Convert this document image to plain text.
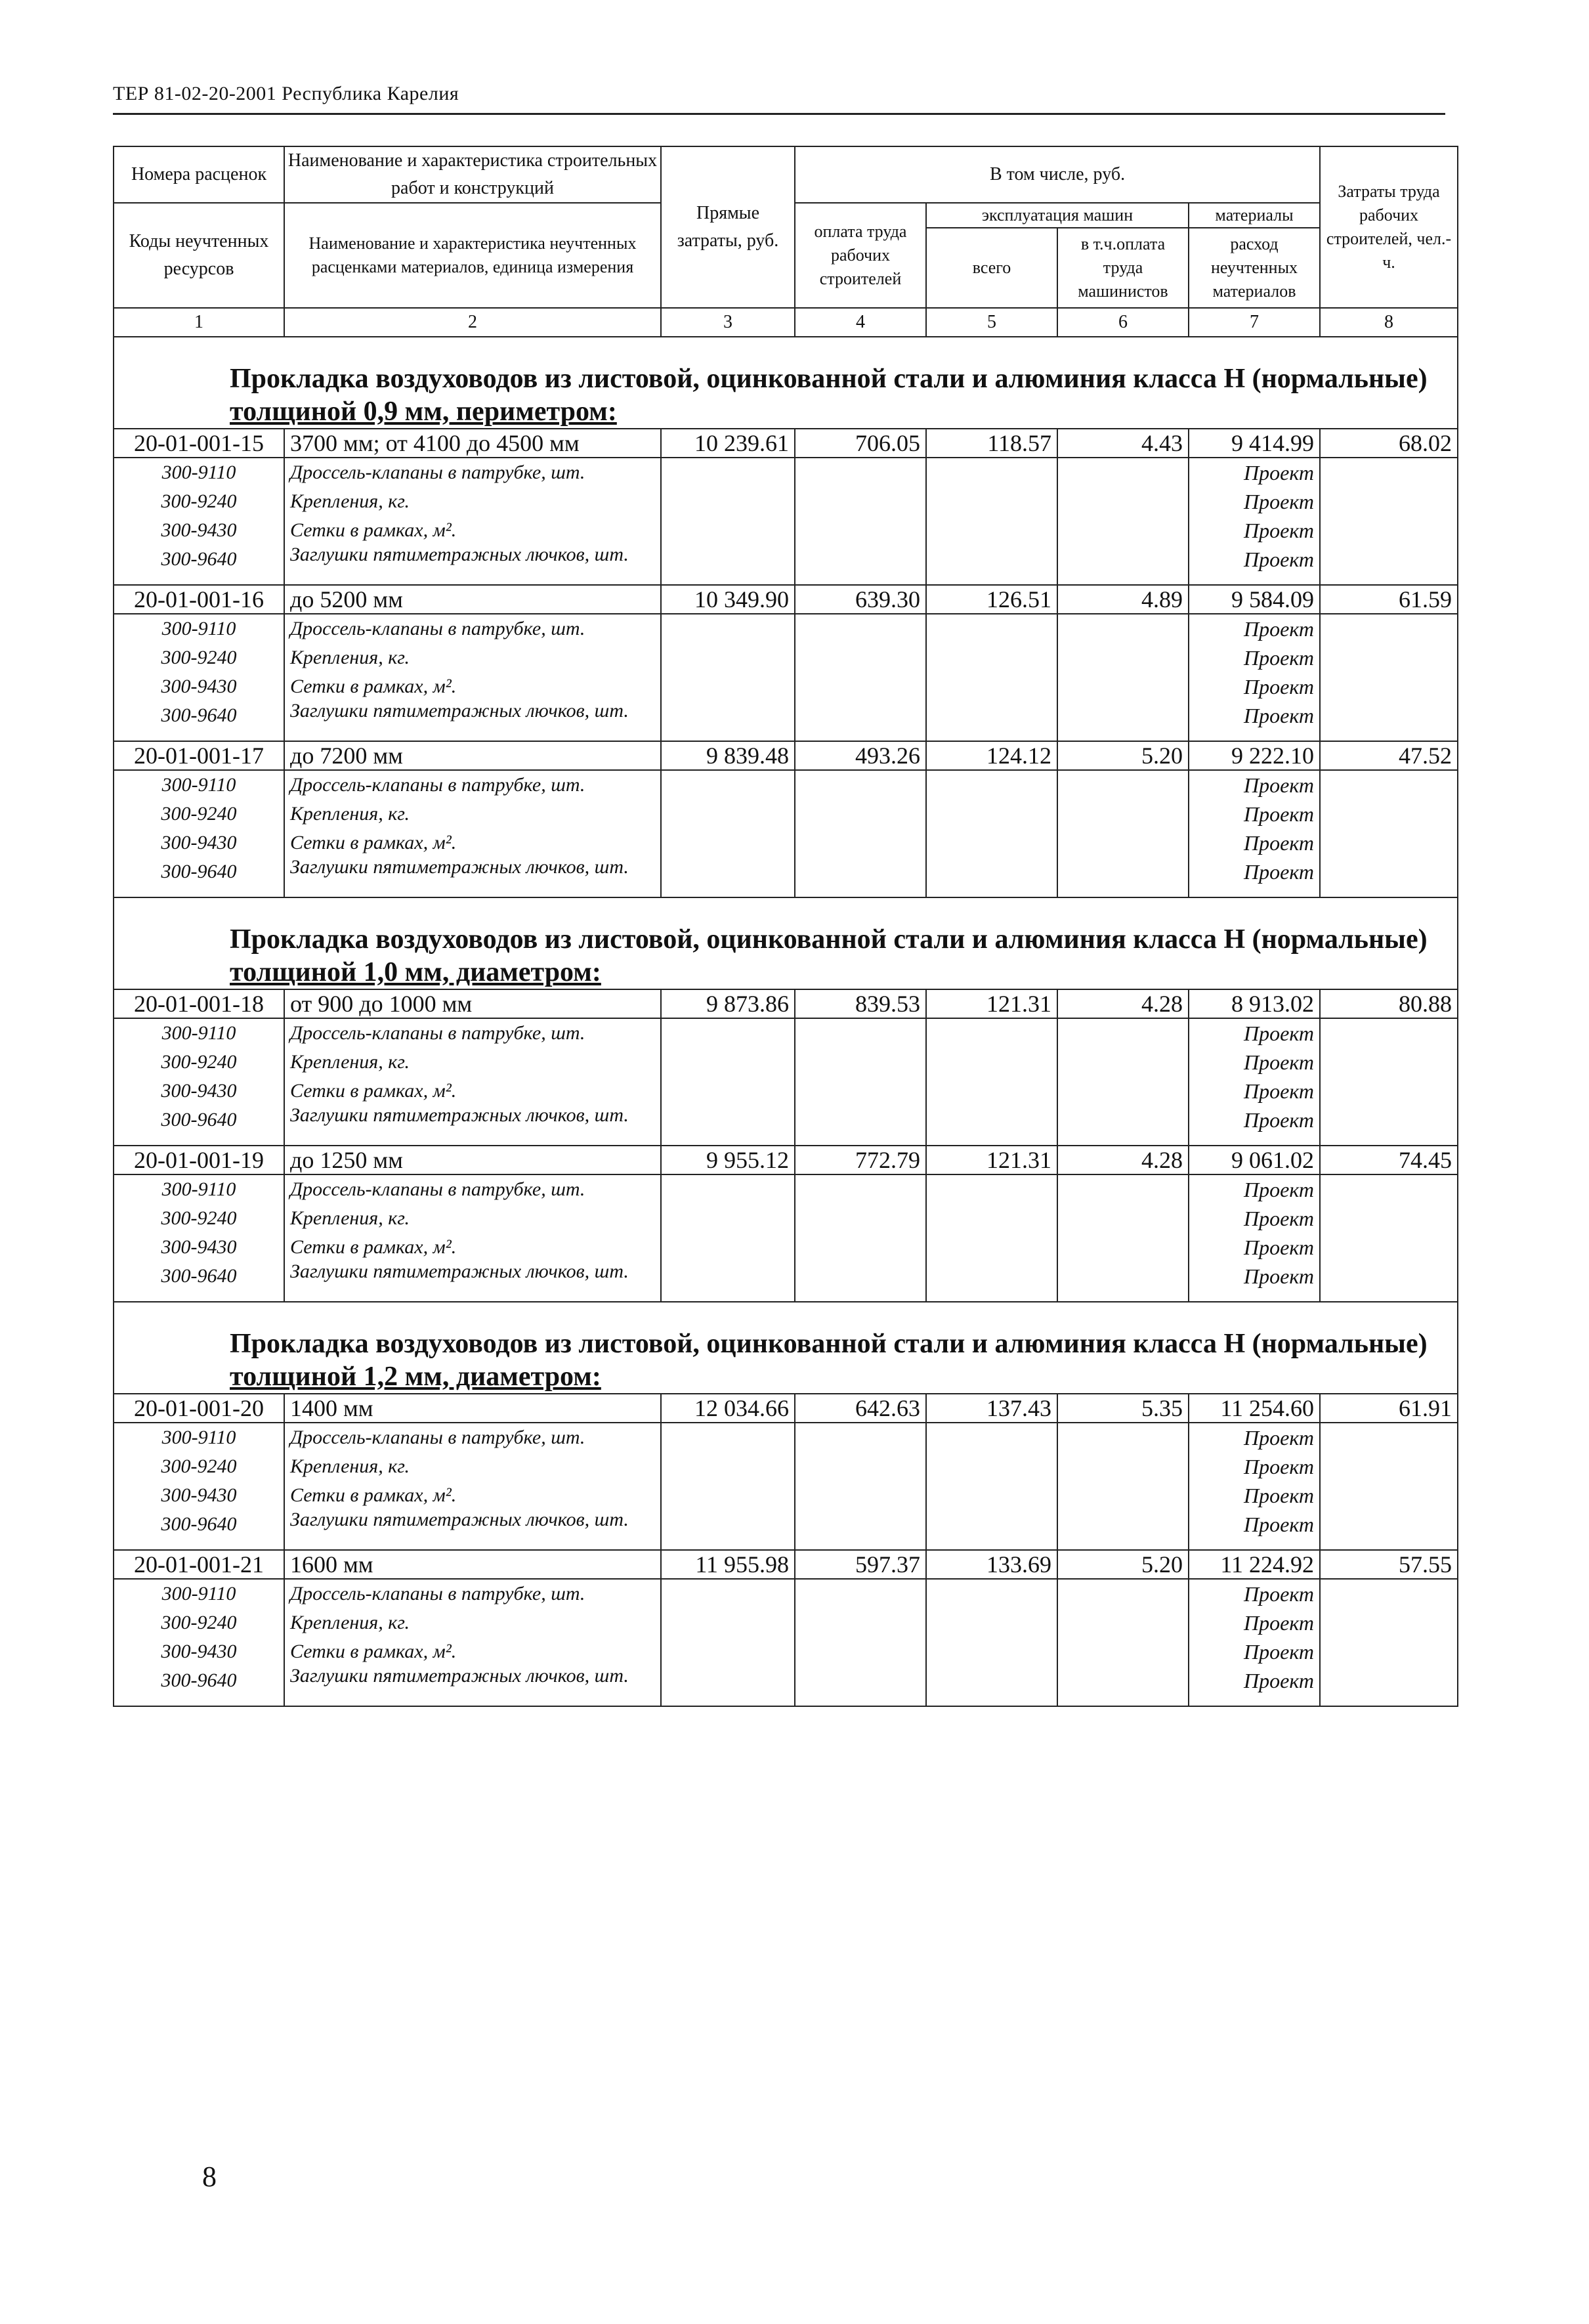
ТЕР 81-02-20-2001 Республика Карелия
Номера расценок	Наименование и характеристика строительных работ и конструкций	Прямые затраты, руб.	В том числе, руб.				Затраты труда рабочих строителей, чел.-ч.
Коды неучтенных ресурсов	Наименование и характеристика неучтенных расценками материалов, единица измерения		оплата труда рабочих строителей	эксплуатация машин		материалы	
				всего	в т.ч.оплата труда машинистов	расход неучтенных материалов	
1	2	3	4	5	6	7	8

Прокладка воздуховодов из листовой, оцинкованной стали и алюминия класса Н (нормальные)
толщиной 0,9 мм, периметром:							
20-01-001-15	3700 мм; от 4100 до 4500 мм	10 239.61	706.05	118.57	4.43	9 414.99	68.02
300-9110	Дроссель-клапаны в патрубке, шт.					Проект	
300-9240	Крепления, кг.					Проект	
300-9430	Сетки в рамках, м².					Проект	
300-9640	Заглушки пятиметражных лючков, шт.					Проект	
20-01-001-16	до 5200 мм	10 349.90	639.30	126.51	4.89	9 584.09	61.59
300-9110	Дроссель-клапаны в патрубке, шт.					Проект	
300-9240	Крепления, кг.					Проект	
300-9430	Сетки в рамках, м².					Проект	
300-9640	Заглушки пятиметражных лючков, шт.					Проект	
20-01-001-17	до 7200 мм	9 839.48	493.26	124.12	5.20	9 222.10	47.52
300-9110	Дроссель-клапаны в патрубке, шт.					Проект	
300-9240	Крепления, кг.					Проект	
300-9430	Сетки в рамках, м².					Проект	
300-9640	Заглушки пятиметражных лючков, шт.					Проект	

Прокладка воздуховодов из листовой, оцинкованной стали и алюминия класса Н (нормальные)
толщиной 1,0 мм, диаметром:							
20-01-001-18	от 900 до 1000 мм	9 873.86	839.53	121.31	4.28	8 913.02	80.88
300-9110	Дроссель-клапаны в патрубке, шт.					Проект	
300-9240	Крепления, кг.					Проект	
300-9430	Сетки в рамках, м².					Проект	
300-9640	Заглушки пятиметражных лючков, шт.					Проект	
20-01-001-19	до 1250 мм	9 955.12	772.79	121.31	4.28	9 061.02	74.45
300-9110	Дроссель-клапаны в патрубке, шт.					Проект	
300-9240	Крепления, кг.					Проект	
300-9430	Сетки в рамках, м².					Проект	
300-9640	Заглушки пятиметражных лючков, шт.					Проект	

Прокладка воздуховодов из листовой, оцинкованной стали и алюминия класса Н (нормальные)
толщиной 1,2 мм, диаметром:							
20-01-001-20	1400 мм	12 034.66	642.63	137.43	5.35	11 254.60	61.91
300-9110	Дроссель-клапаны в патрубке, шт.					Проект	
300-9240	Крепления, кг.					Проект	
300-9430	Сетки в рамках, м².					Проект	
300-9640	Заглушки пятиметражных лючков, шт.					Проект	
20-01-001-21	1600 мм	11 955.98	597.37	133.69	5.20	11 224.92	57.55
300-9110	Дроссель-клапаны в патрубке, шт.					Проект	
300-9240	Крепления, кг.					Проект	
300-9430	Сетки в рамках, м².					Проект	
300-9640	Заглушки пятиметражных лючков, шт.					Проект	
8
